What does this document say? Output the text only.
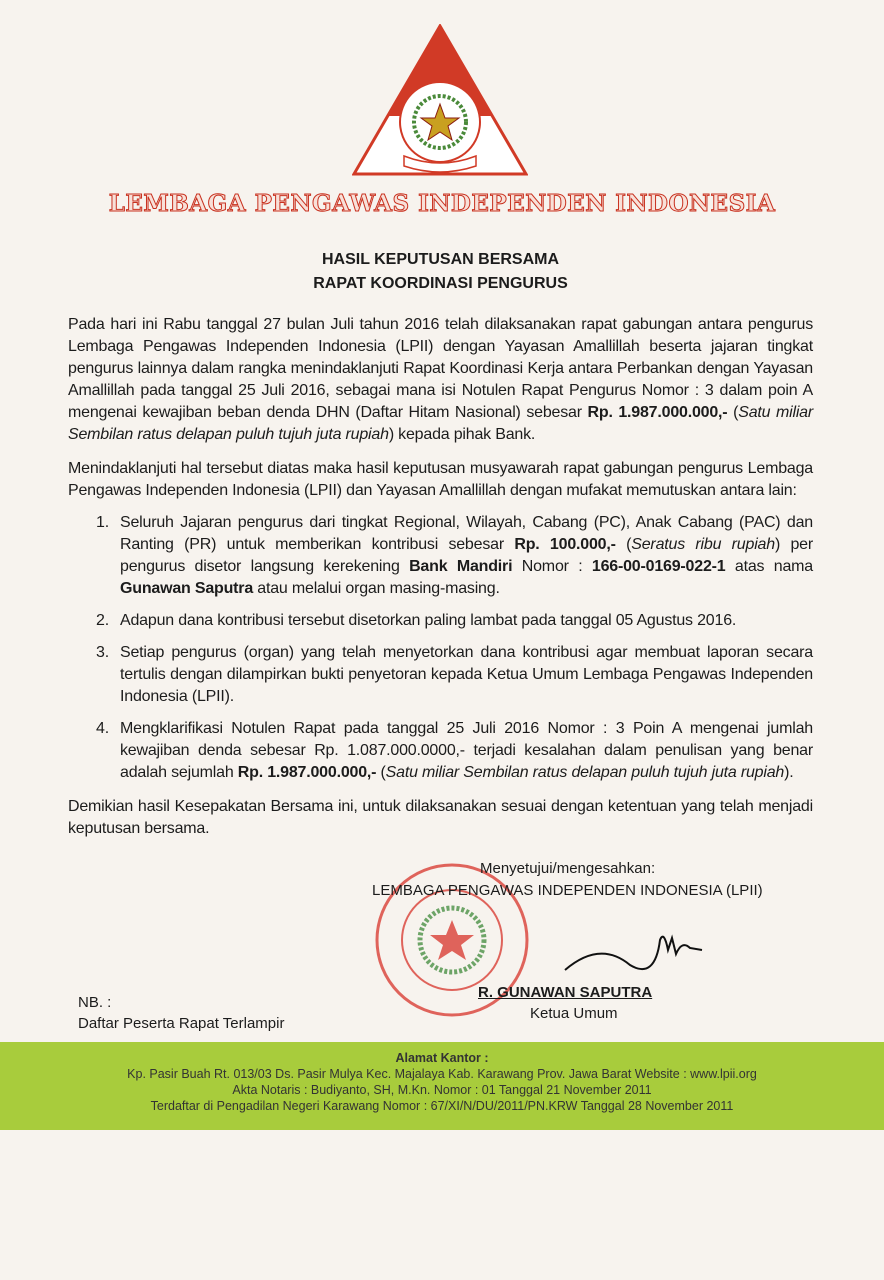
LEMBAGA PENGAWAS INDEPENDEN INDONESIA
HASIL KEPUTUSAN BERSAMA
RAPAT KOORDINASI PENGURUS
Pada hari ini Rabu tanggal 27 bulan Juli tahun 2016 telah dilaksanakan rapat gabungan antara pengurus Lembaga Pengawas Independen Indonesia (LPII) dengan Yayasan Amallillah beserta jajaran tingkat pengurus lainnya dalam rangka menindaklanjuti Rapat Koordinasi Kerja antara Perbankan dengan Yayasan Amallillah pada tanggal 25 Juli 2016, sebagai mana isi Notulen Rapat Pengurus Nomor : 3 dalam poin A mengenai kewajiban beban denda DHN (Daftar Hitam Nasional) sebesar Rp. 1.987.000.000,- (Satu miliar Sembilan ratus delapan puluh tujuh juta rupiah) kepada pihak Bank.
Menindaklanjuti hal tersebut diatas maka hasil keputusan musyawarah rapat gabungan pengurus Lembaga Pengawas Independen Indonesia (LPII) dan Yayasan Amallillah dengan mufakat memutuskan antara lain:
1. Seluruh Jajaran pengurus dari tingkat Regional, Wilayah, Cabang (PC), Anak Cabang (PAC) dan Ranting (PR) untuk memberikan kontribusi sebesar Rp. 100.000,- (Seratus ribu rupiah) per pengurus disetor langsung kerekening Bank Mandiri Nomor : 166-00-0169-022-1 atas nama Gunawan Saputra atau melalui organ masing-masing.
2. Adapun dana kontribusi tersebut disetorkan paling lambat pada tanggal 05 Agustus 2016.
3. Setiap pengurus (organ) yang telah menyetorkan dana kontribusi agar membuat laporan secara tertulis dengan dilampirkan bukti penyetoran kepada Ketua Umum Lembaga Pengawas Independen Indonesia (LPII).
4. Mengklarifikasi Notulen Rapat pada tanggal 25 Juli 2016 Nomor : 3 Poin A mengenai jumlah kewajiban denda sebesar Rp. 1.087.000.0000,- terjadi kesalahan dalam penulisan yang benar adalah sejumlah Rp. 1.987.000.000,- (Satu miliar Sembilan ratus delapan puluh tujuh juta rupiah).
Demikian hasil Kesepakatan Bersama ini, untuk dilaksanakan sesuai dengan ketentuan yang telah menjadi keputusan bersama.
Menyetujui/mengesahkan:
LEMBAGA PENGAWAS INDEPENDEN INDONESIA (LPII)
R. GUNAWAN SAPUTRA
Ketua Umum
NB. :
Daftar Peserta Rapat Terlampir
Alamat Kantor :
Kp. Pasir Buah Rt. 013/03 Ds. Pasir Mulya Kec. Majalaya Kab. Karawang Prov. Jawa Barat Website : www.lpii.org
Akta Notaris : Budiyanto, SH, M.Kn. Nomor : 01 Tanggal 21 November 2011
Terdaftar di Pengadilan Negeri Karawang Nomor : 67/XI/N/DU/2011/PN.KRW Tanggal 28 November 2011
